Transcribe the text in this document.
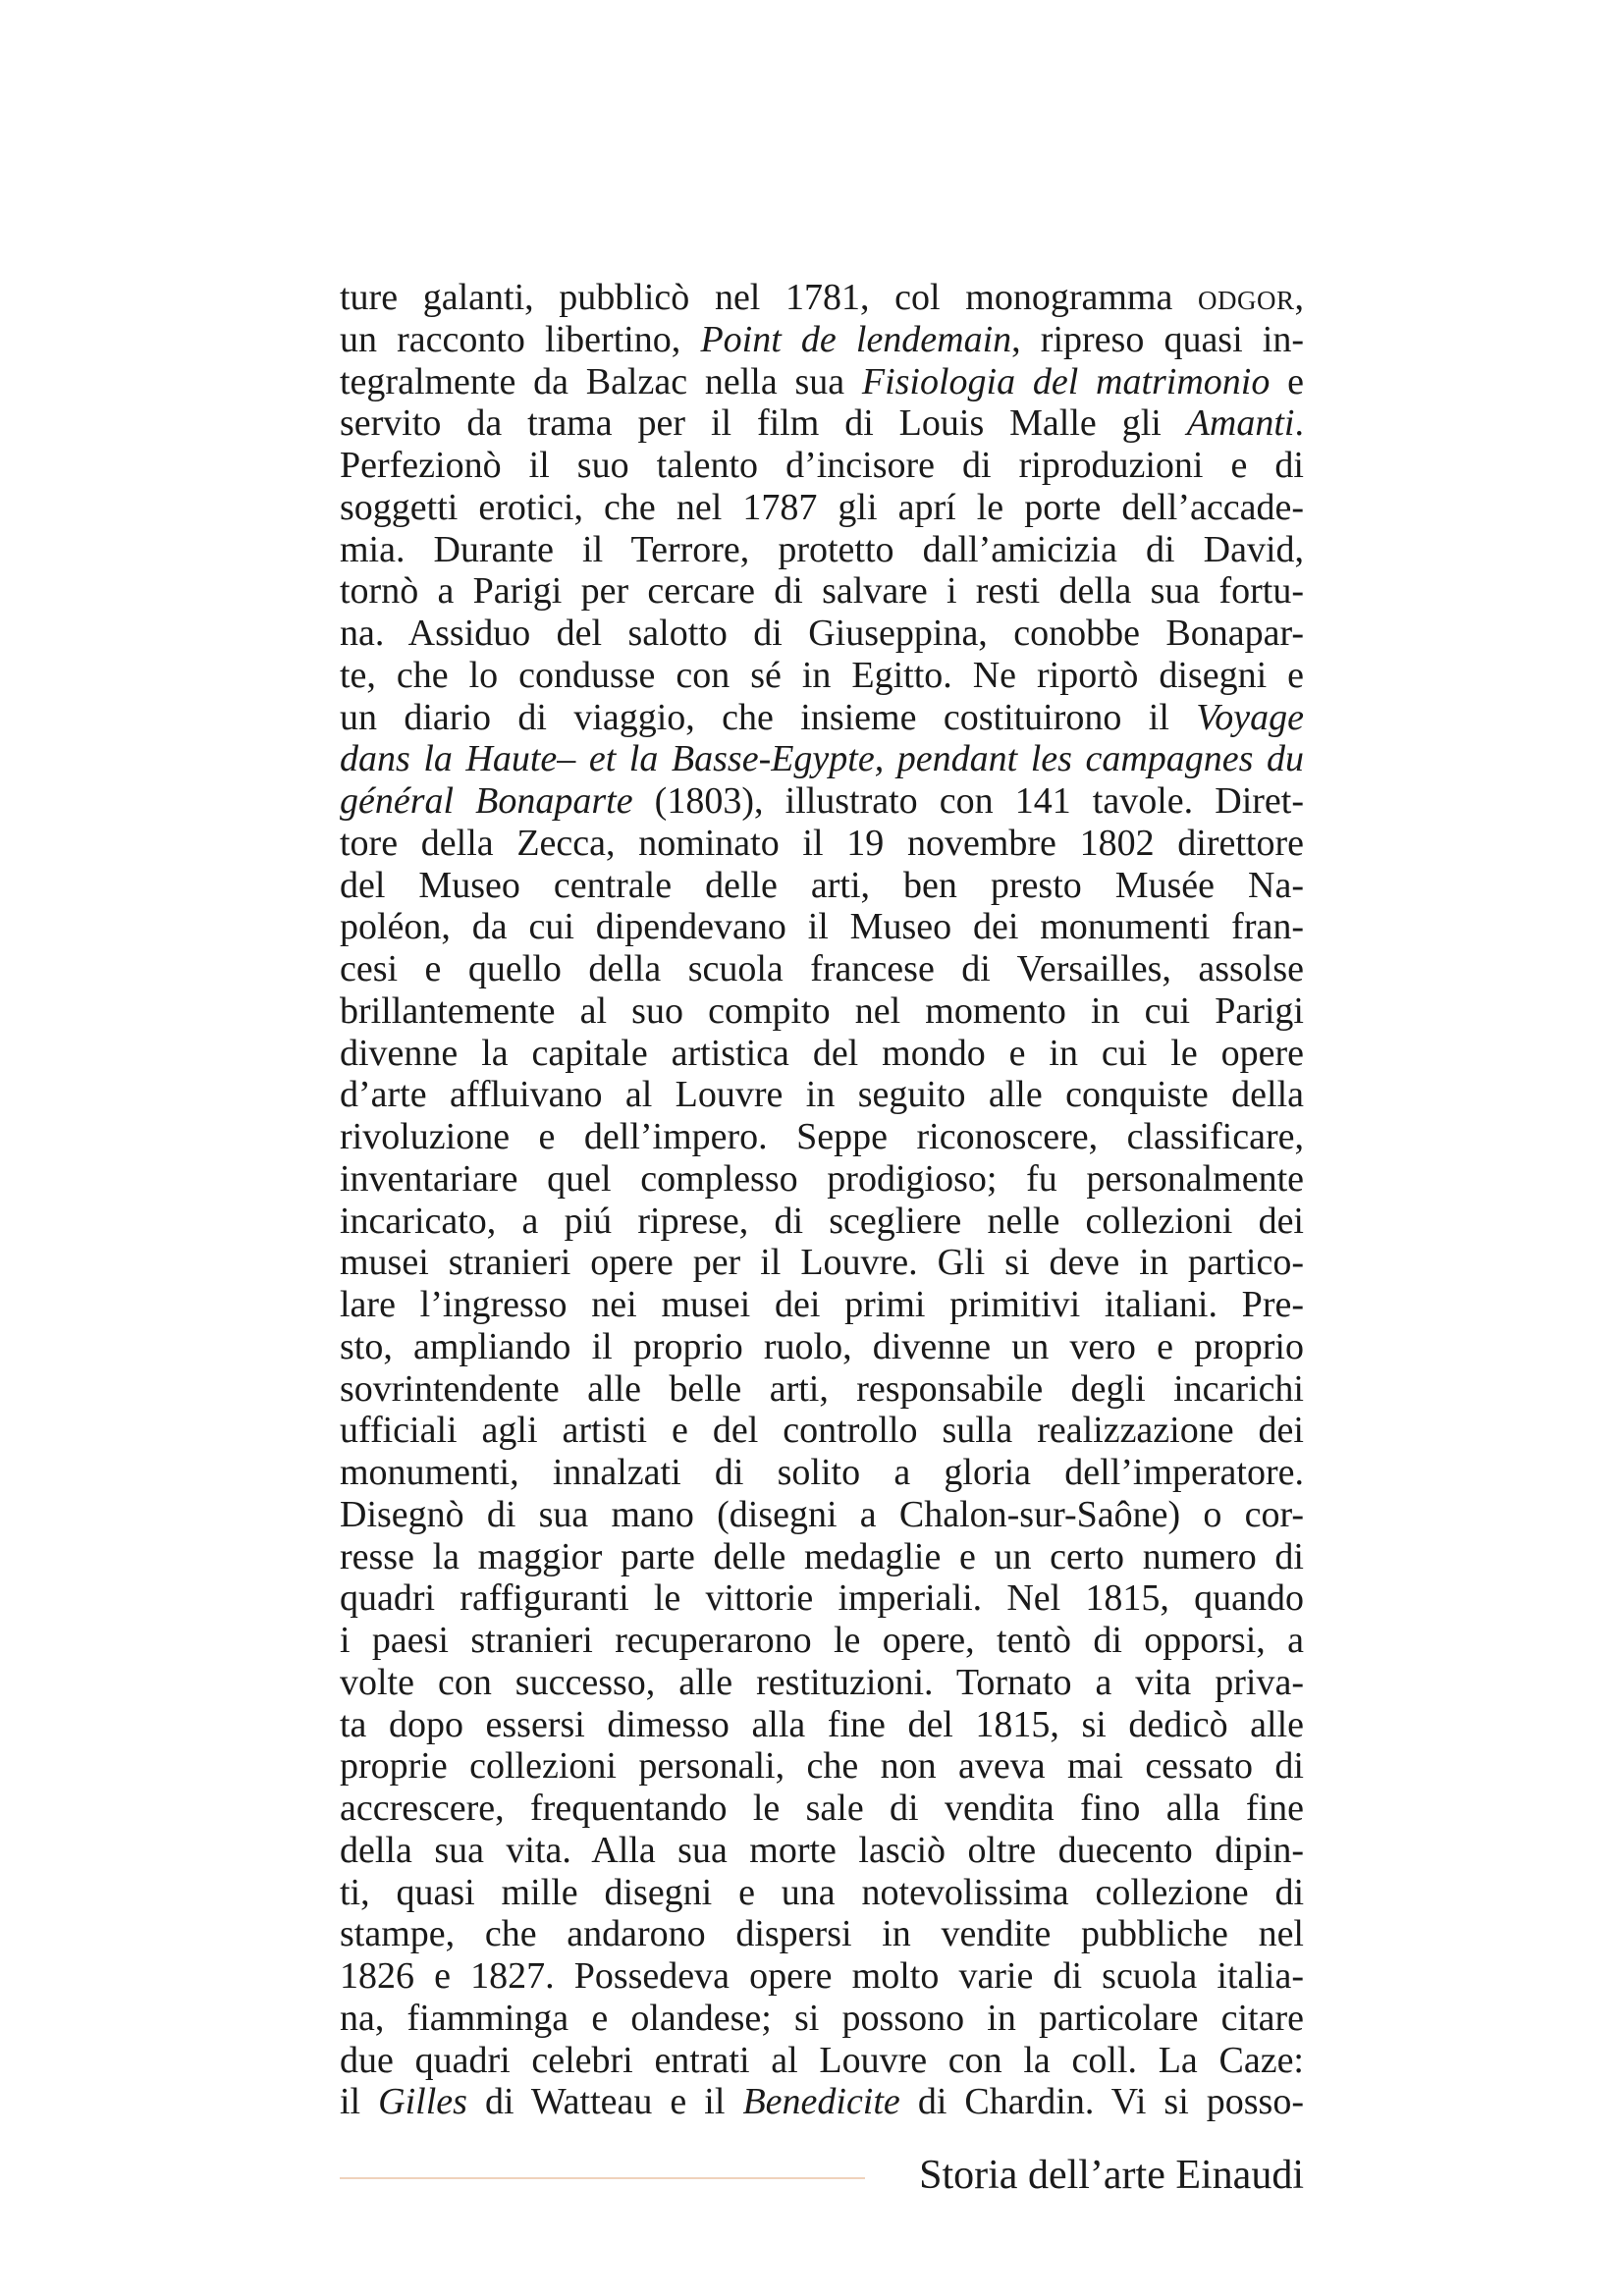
ture galanti, pubblicò nel 1781, col monogramma odgor,
un racconto libertino, Point de lendemain, ripreso quasi in-
tegralmente da Balzac nella sua Fisiologia del matrimonio e
servito da trama per il film di Louis Malle gli Amanti.
Perfezionò il suo talento d’incisore di riproduzioni e di
soggetti erotici, che nel 1787 gli aprí le porte dell’accade-
mia. Durante il Terrore, protetto dall’amicizia di David,
tornò a Parigi per cercare di salvare i resti della sua fortu-
na. Assiduo del salotto di Giuseppina, conobbe Bonapar-
te, che lo condusse con sé in Egitto. Ne riportò disegni e
un diario di viaggio, che insieme costituirono il Voyage
dans la Haute– et la Basse-Egypte, pendant les campagnes du
général Bonaparte (1803), illustrato con 141 tavole. Diret-
tore della Zecca, nominato il 19 novembre 1802 direttore
del Museo centrale delle arti, ben presto Musée Na-
poléon, da cui dipendevano il Museo dei monumenti fran-
cesi e quello della scuola francese di Versailles, assolse
brillantemente al suo compito nel momento in cui Parigi
divenne la capitale artistica del mondo e in cui le opere
d’arte affluivano al Louvre in seguito alle conquiste della
rivoluzione e dell’impero. Seppe riconoscere, classificare,
inventariare quel complesso prodigioso; fu personalmente
incaricato, a piú riprese, di scegliere nelle collezioni dei
musei stranieri opere per il Louvre. Gli si deve in partico-
lare l’ingresso nei musei dei primi primitivi italiani. Pre-
sto, ampliando il proprio ruolo, divenne un vero e proprio
sovrintendente alle belle arti, responsabile degli incarichi
ufficiali agli artisti e del controllo sulla realizzazione dei
monumenti, innalzati di solito a gloria dell’imperatore.
Disegnò di sua mano (disegni a Chalon-sur-Saône) o cor-
resse la maggior parte delle medaglie e un certo numero di
quadri raffiguranti le vittorie imperiali. Nel 1815, quando
i paesi stranieri recuperarono le opere, tentò di opporsi, a
volte con successo, alle restituzioni. Tornato a vita priva-
ta dopo essersi dimesso alla fine del 1815, si dedicò alle
proprie collezioni personali, che non aveva mai cessato di
accrescere, frequentando le sale di vendita fino alla fine
della sua vita. Alla sua morte lasciò oltre duecento dipin-
ti, quasi mille disegni e una notevolissima collezione di
stampe, che andarono dispersi in vendite pubbliche nel
1826 e 1827. Possedeva opere molto varie di scuola italia-
na, fiamminga e olandese; si possono in particolare citare
due quadri celebri entrati al Louvre con la coll. La Caze:
il Gilles di Watteau e il Benedicite di Chardin. Vi si posso-
Storia dell’arte Einaudi
